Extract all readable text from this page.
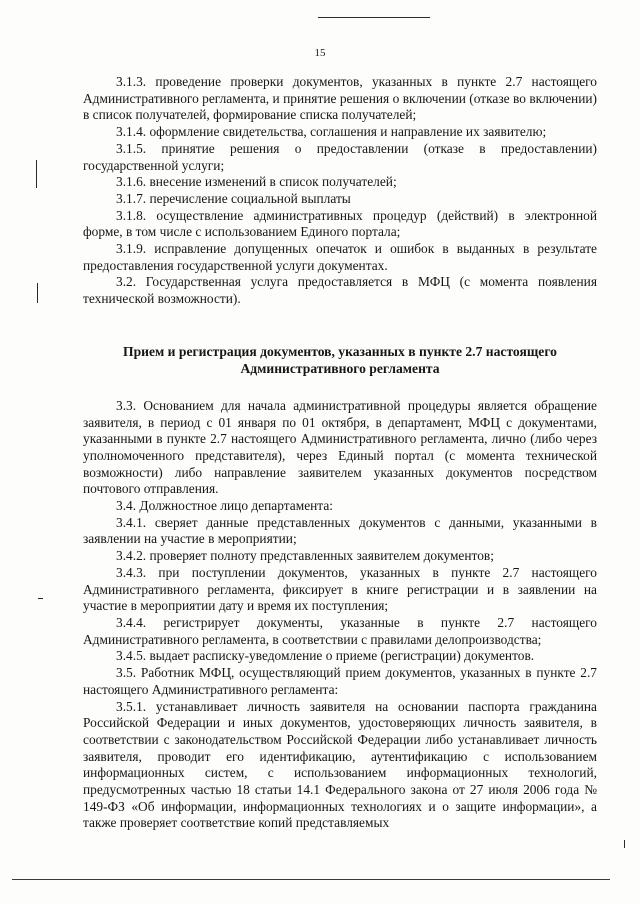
15

3.1.3. проведение проверки документов, указанных в пункте 2.7 настоящего Административного регламента, и принятие решения о включении (отказе во включении) в список получателей, формирование списка получателей;

3.1.4. оформление свидетельства, соглашения и направление их заявителю;

3.1.5. принятие решения о предоставлении (отказе в предоставлении) государственной услуги;

3.1.6. внесение изменений в список получателей;

3.1.7. перечисление социальной выплаты

3.1.8. осуществление административных процедур (действий) в электронной форме, в том числе с использованием Единого портала;

3.1.9. исправление допущенных опечаток и ошибок в выданных в результате предоставления государственной услуги документах.

3.2. Государственная услуга предоставляется в МФЦ (с момента появления технической возможности).

Прием и регистрация документов, указанных в пункте 2.7 настоящего

Административного регламента

3.3. Основанием для начала административной процедуры является обращение заявителя, в период с 01 января по 01 октября, в департамент, МФЦ с документами, указанными в пункте 2.7 настоящего Административного регламента, лично (либо через уполномоченного представителя), через Единый портал (с момента технической возможности) либо направление заявителем указанных документов посредством почтового отправления.

3.4. Должностное лицо департамента:

3.4.1. сверяет данные представленных документов с данными, указанными в заявлении на участие в мероприятии;

3.4.2. проверяет полноту представленных заявителем документов;

3.4.3. при поступлении документов, указанных в пункте 2.7 настоящего Административного регламента, фиксирует в книге регистрации и в заявлении на участие в мероприятии дату и время их поступления;

3.4.4. регистрирует документы, указанные в пункте 2.7 настоящего Административного регламента, в соответствии с правилами делопроизводства;

3.4.5. выдает расписку-уведомление о приеме (регистрации) документов.

3.5. Работник МФЦ, осуществляющий прием документов, указанных в пункте 2.7 настоящего Административного регламента:

3.5.1. устанавливает личность заявителя на основании паспорта гражданина Российской Федерации и иных документов, удостоверяющих личность заявителя, в соответствии с законодательством Российской Федерации либо устанавливает личность заявителя, проводит его идентификацию, аутентификацию с использованием информационных систем, с использованием информационных технологий, предусмотренных частью 18 статьи 14.1 Федерального закона от 27 июля 2006 года № 149-ФЗ «Об информации, информационных технологиях и о защите информации», а также проверяет соответствие копий представляемых
